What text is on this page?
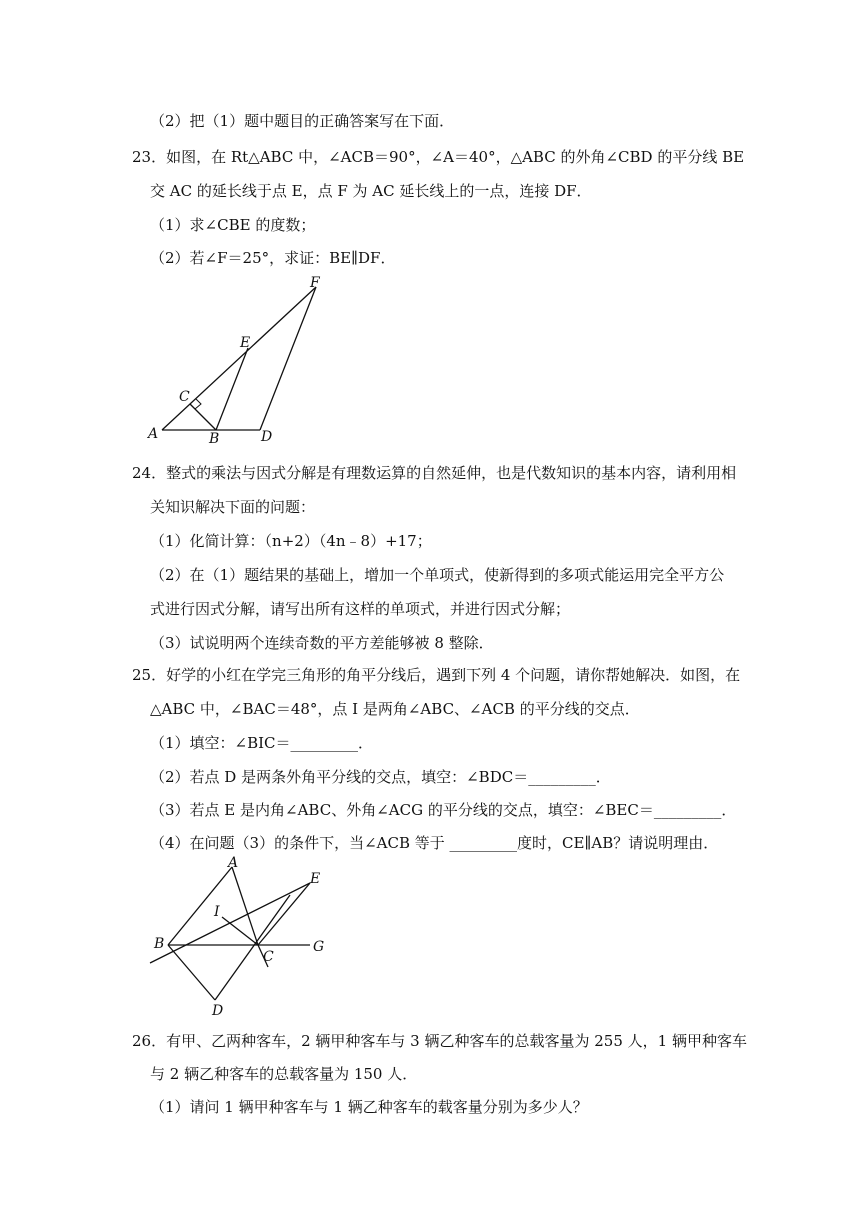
（2）把（1）题中题目的正确答案写在下面．
23．如图，在 Rt△ABC 中，∠ACB＝90°，∠A＝40°，△ABC 的外角∠CBD 的平分线 BE
交 AC 的延长线于点 E，点 F 为 AC 延长线上的一点，连接 DF．
（1）求∠CBE 的度数；
（2）若∠F＝25°，求证：BE∥DF．
F
E
C
A	B	D
24．整式的乘法与因式分解是有理数运算的自然延伸，也是代数知识的基本内容，请利用相
关知识解决下面的问题：
（1）化简计算：（n+2）（4n﹣8）+17；
（2）在（1）题结果的基础上，增加一个单项式，使新得到的多项式能运用完全平方公
式进行因式分解，请写出所有这样的单项式，并进行因式分解；
（3）试说明两个连续奇数的平方差能够被 8 整除．
25．好学的小红在学完三角形的角平分线后，遇到下列 4 个问题，请你帮她解决．如图，在
△ABC 中，∠BAC＝48°，点 I 是两角∠ABC、∠ACB 的平分线的交点．
（1）填空：∠BIC＝_________．
（2）若点 D 是两条外角平分线的交点，填空：∠BDC＝_________．
（3）若点 E 是内角∠ABC、外角∠ACG 的平分线的交点，填空：∠BEC＝_________．
（4）在问题（3）的条件下，当∠ACB 等于 _________度时，CE∥AB？请说明理由．
A
E
I
B
C
G
D
26．有甲、乙两种客车，2 辆甲种客车与 3 辆乙种客车的总载客量为 255 人，1 辆甲种客车
与 2 辆乙种客车的总载客量为 150 人．
（1）请问 1 辆甲种客车与 1 辆乙种客车的载客量分别为多少人？
